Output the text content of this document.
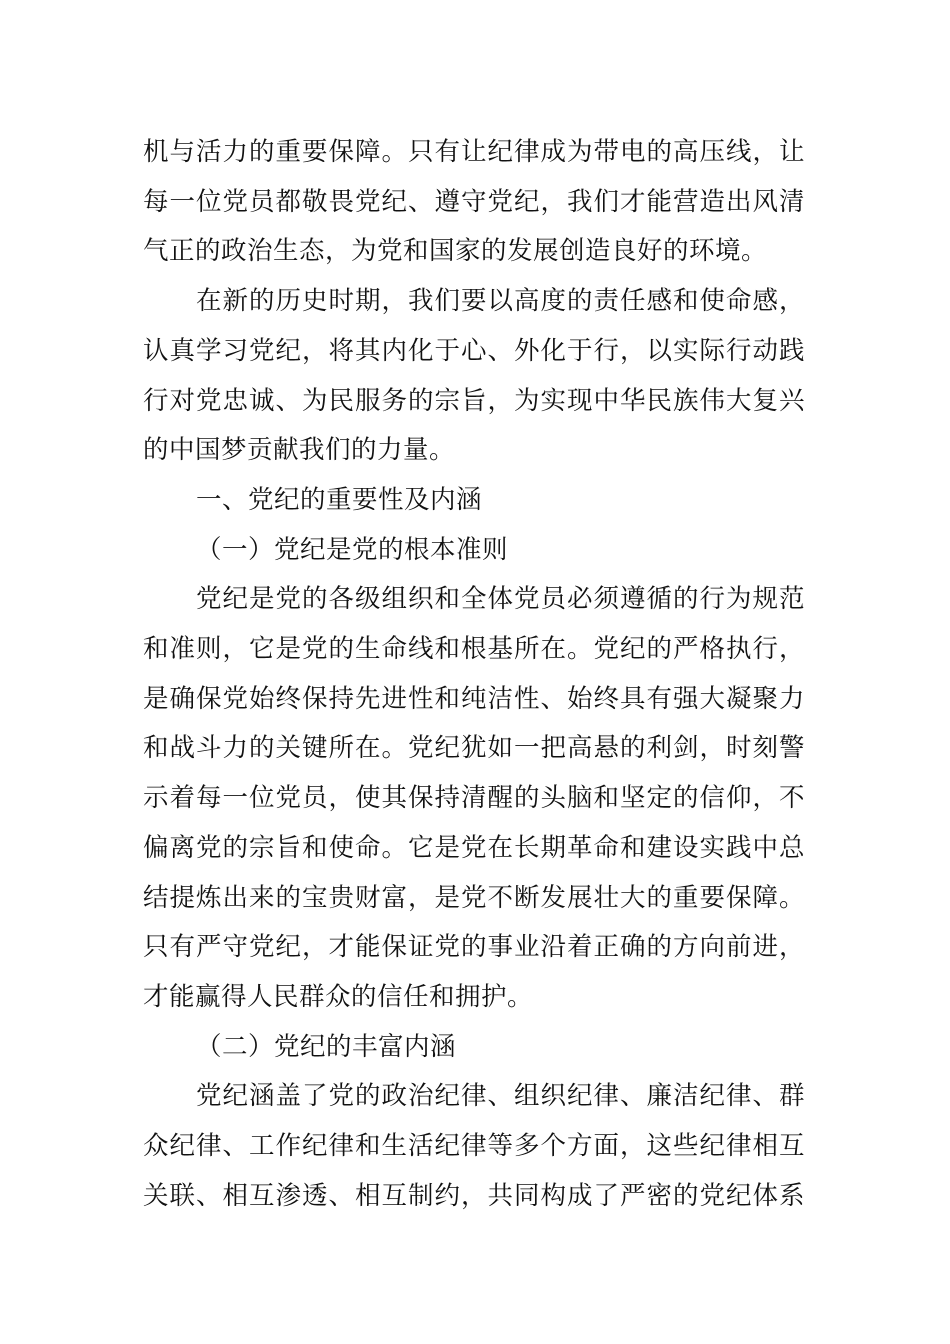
机与活力的重要保障。只有让纪律成为带电的高压线，让
每一位党员都敬畏党纪、遵守党纪，我们才能营造出风清
气正的政治生态，为党和国家的发展创造良好的环境。
在新的历史时期，我们要以高度的责任感和使命感，
认真学习党纪，将其内化于心、外化于行，以实际行动践
行对党忠诚、为民服务的宗旨，为实现中华民族伟大复兴
的中国梦贡献我们的力量。
一、党纪的重要性及内涵
（一）党纪是党的根本准则
党纪是党的各级组织和全体党员必须遵循的行为规范
和准则，它是党的生命线和根基所在。党纪的严格执行，
是确保党始终保持先进性和纯洁性、始终具有强大凝聚力
和战斗力的关键所在。党纪犹如一把高悬的利剑，时刻警
示着每一位党员，使其保持清醒的头脑和坚定的信仰，不
偏离党的宗旨和使命。它是党在长期革命和建设实践中总
结提炼出来的宝贵财富，是党不断发展壮大的重要保障。
只有严守党纪，才能保证党的事业沿着正确的方向前进，
才能赢得人民群众的信任和拥护。
（二）党纪的丰富内涵
党纪涵盖了党的政治纪律、组织纪律、廉洁纪律、群
众纪律、工作纪律和生活纪律等多个方面，这些纪律相互
关联、相互渗透、相互制约，共同构成了严密的党纪体系
